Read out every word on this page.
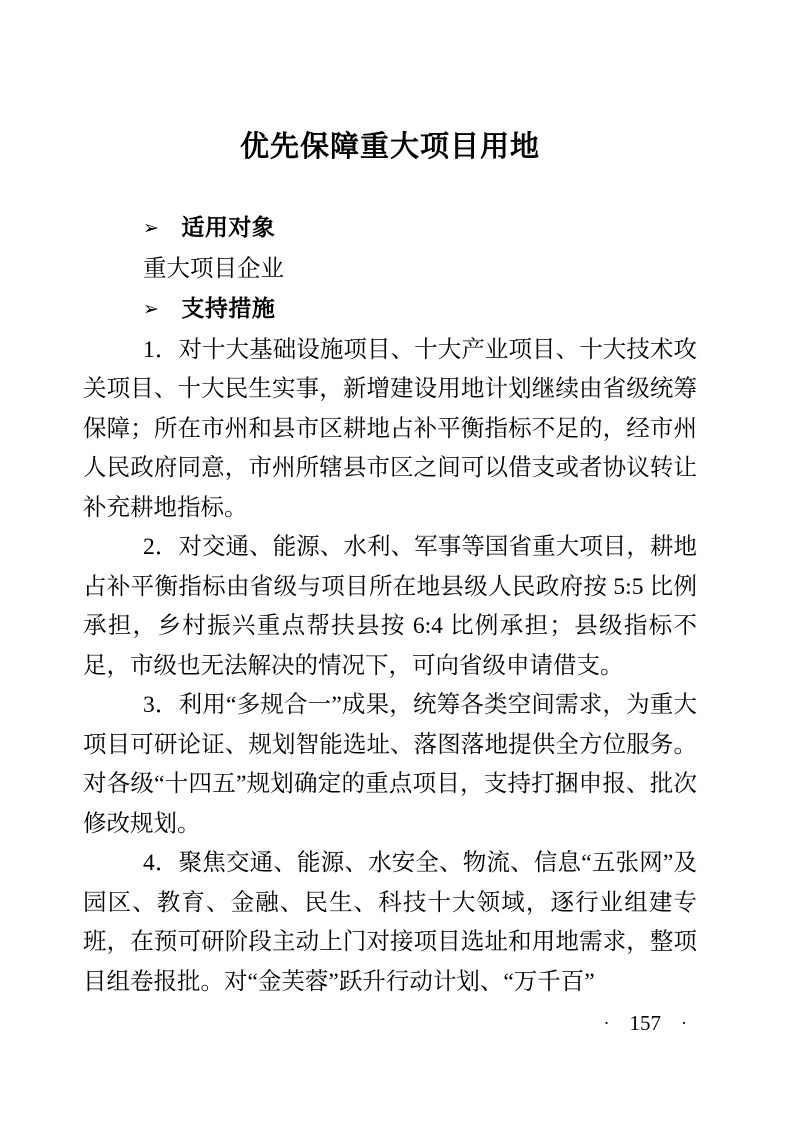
优先保障重大项目用地
➢ 适用对象

重大项目企业

➢ 支持措施

1．对十大基础设施项目、十大产业项目、十大技术攻关项目、十大民生实事，新增建设用地计划继续由省级统筹保障；所在市州和县市区耕地占补平衡指标不足的，经市州人民政府同意，市州所辖县市区之间可以借支或者协议转让补充耕地指标。

2．对交通、能源、水利、军事等国省重大项目，耕地占补平衡指标由省级与项目所在地县级人民政府按 5:5 比例承担，乡村振兴重点帮扶县按 6:4 比例承担；县级指标不足，市级也无法解决的情况下，可向省级申请借支。

3．利用“多规合一”成果，统筹各类空间需求，为重大项目可研论证、规划智能选址、落图落地提供全方位服务。对各级“十四五”规划确定的重点项目，支持打捆申报、批次修改规划。

4．聚焦交通、能源、水安全、物流、信息“五张网”及园区、教育、金融、民生、科技十大领域，逐行业组建专班，在预可研阶段主动上门对接项目选址和用地需求，整项目组卷报批。对“金芙蓉”跃升行动计划、“万千百”

· 157 ·
